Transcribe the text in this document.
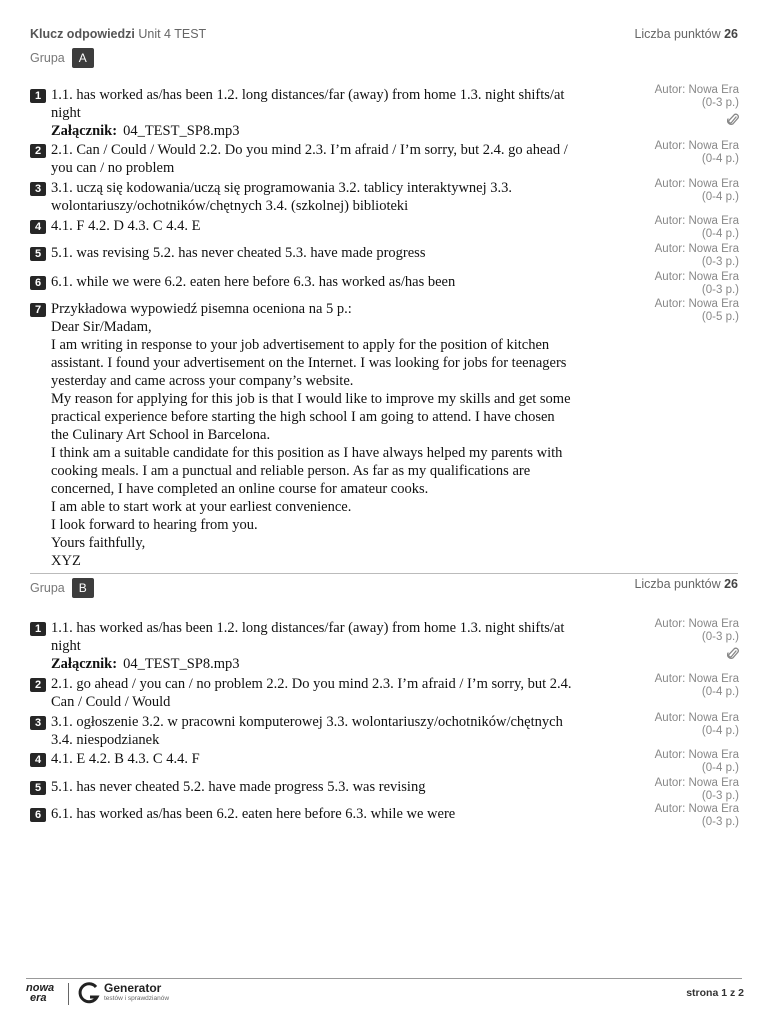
Klucz odpowiedzi Unit 4 TEST	Liczba punktów 26
Grupa	A
1 1.1. has worked as/has been 1.2. long distances/far (away) from home 1.3. night shifts/at
night
Załącznik: 04_TEST_SP8.mp3
Autor: Nowa Era
(0-3 p.)
2 2.1. Can / Could / Would 2.2. Do you mind 2.3. I’m afraid / I’m sorry, but 2.4. go ahead /
you can / no problem
Autor: Nowa Era
(0-4 p.)
3 3.1. uczą się kodowania/uczą się programowania 3.2. tablicy interaktywnej 3.3.
wolontariuszy/ochotników/chętnych 3.4. (szkolnej) biblioteki
Autor: Nowa Era
(0-4 p.)
4 4.1. F 4.2. D 4.3. C 4.4. E	Autor: Nowa Era
(0-4 p.)
5 5.1. was revising 5.2. has never cheated 5.3. have made progress	Autor: Nowa Era
(0-3 p.)
6 6.1. while we were 6.2. eaten here before 6.3. has worked as/has been	Autor: Nowa Era
(0-3 p.)
7 Przykładowa wypowiedź pisemna oceniona na 5 p.:
Dear Sir/Madam,
I am writing in response to your job advertisement to apply for the position of kitchen
assistant. I found your advertisement on the Internet. I was looking for jobs for teenagers
yesterday and came across your company’s website.
My reason for applying for this job is that I would like to improve my skills and get some
practical experience before starting the high school I am going to attend. I have chosen
the Culinary Art School in Barcelona.
I think am a suitable candidate for this position as I have always helped my parents with
cooking meals. I am a punctual and reliable person. As far as my qualifications are
concerned, I have completed an online course for amateur cooks.
I am able to start work at your earliest convenience.
I look forward to hearing from you.
Yours faithfully,
XYZ
Autor: Nowa Era
(0-5 p.)
Liczba punktów 26
Grupa	B
1 1.1. has worked as/has been 1.2. long distances/far (away) from home 1.3. night shifts/at
night
Załącznik: 04_TEST_SP8.mp3
Autor: Nowa Era
(0-3 p.)
2 2.1. go ahead / you can / no problem 2.2. Do you mind 2.3. I’m afraid / I’m sorry, but 2.4.
Can / Could / Would
Autor: Nowa Era
(0-4 p.)
3 3.1. ogłoszenie 3.2. w pracowni komputerowej 3.3. wolontariuszy/ochotników/chętnych
3.4. niespodzianek
Autor: Nowa Era
(0-4 p.)
4 4.1. E 4.2. B 4.3. C 4.4. F	Autor: Nowa Era
(0-4 p.)
5 5.1. has never cheated 5.2. have made progress 5.3. was revising	Autor: Nowa Era
(0-3 p.)
6 6.1. has worked as/has been 6.2. eaten here before 6.3. while we were	Autor: Nowa Era
(0-3 p.)
nowa
era
Generator
testów i sprawdzianów	strona 1 z 2
